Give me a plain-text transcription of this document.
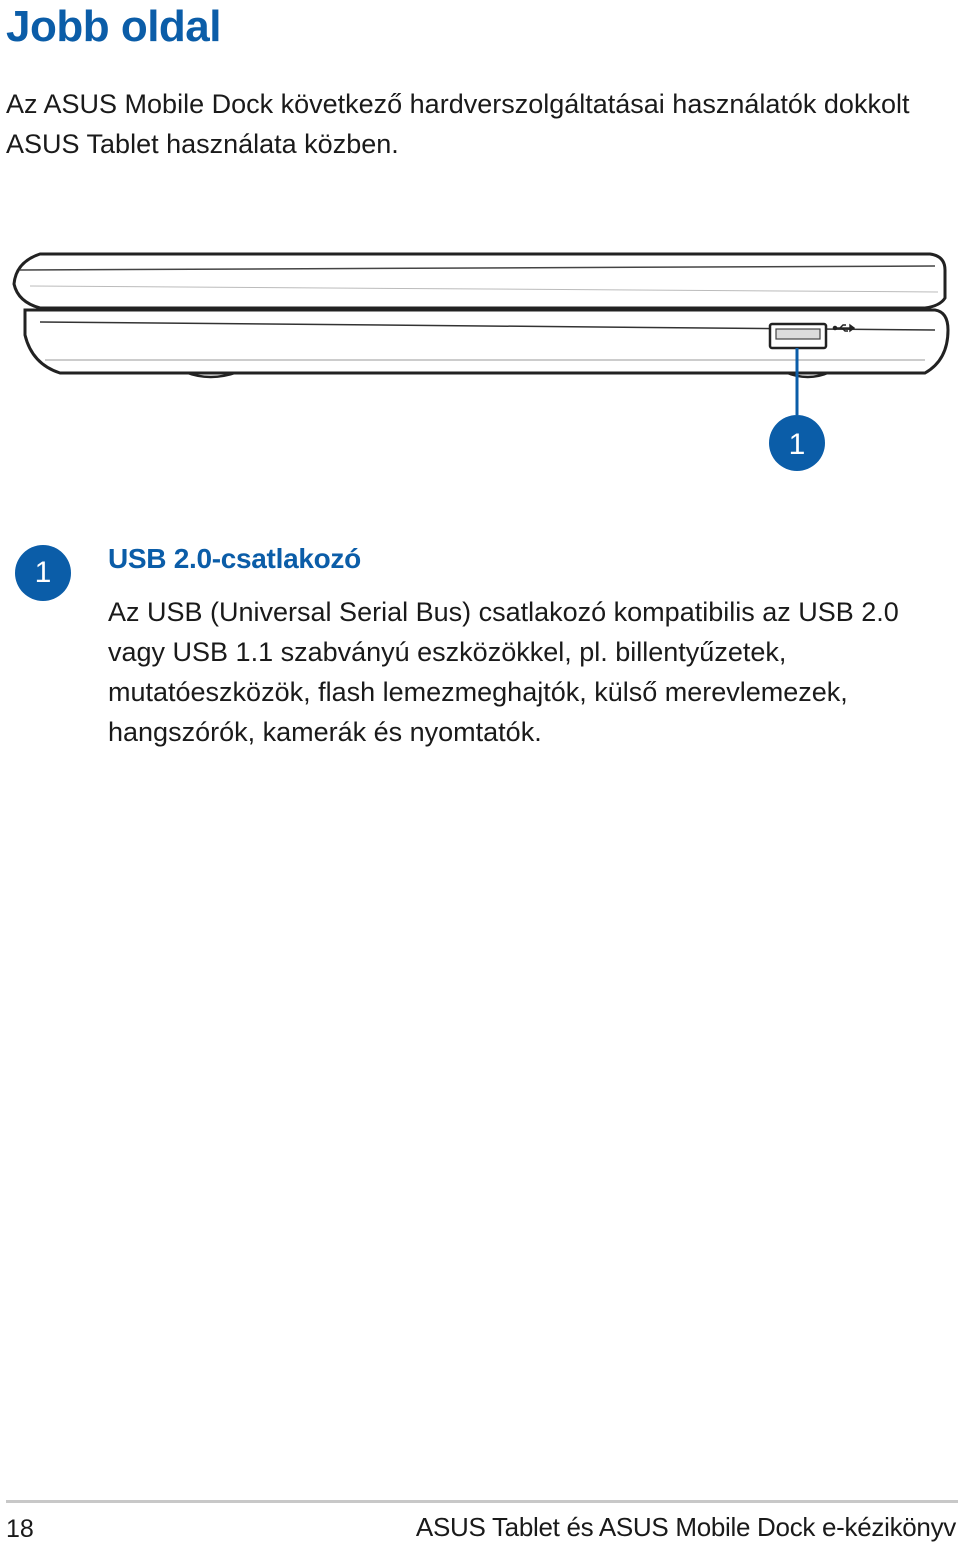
Jobb oldal

Az ASUS Mobile Dock következő hardverszolgáltatásai használatók dokkolt ASUS Tablet használata közben.

1
1	USB 2.0-csatlakozó

Az USB (Universal Serial Bus) csatlakozó kompatibilis az USB 2.0 vagy USB 1.1 szabványú eszközökkel, pl. billentyűzetek, mutatóeszközök, flash lemezmeghajtók, külső merevlemezek, hangszórók, kamerák és nyomtatók.

18	ASUS Tablet és ASUS Mobile Dock e-kézikönyv
